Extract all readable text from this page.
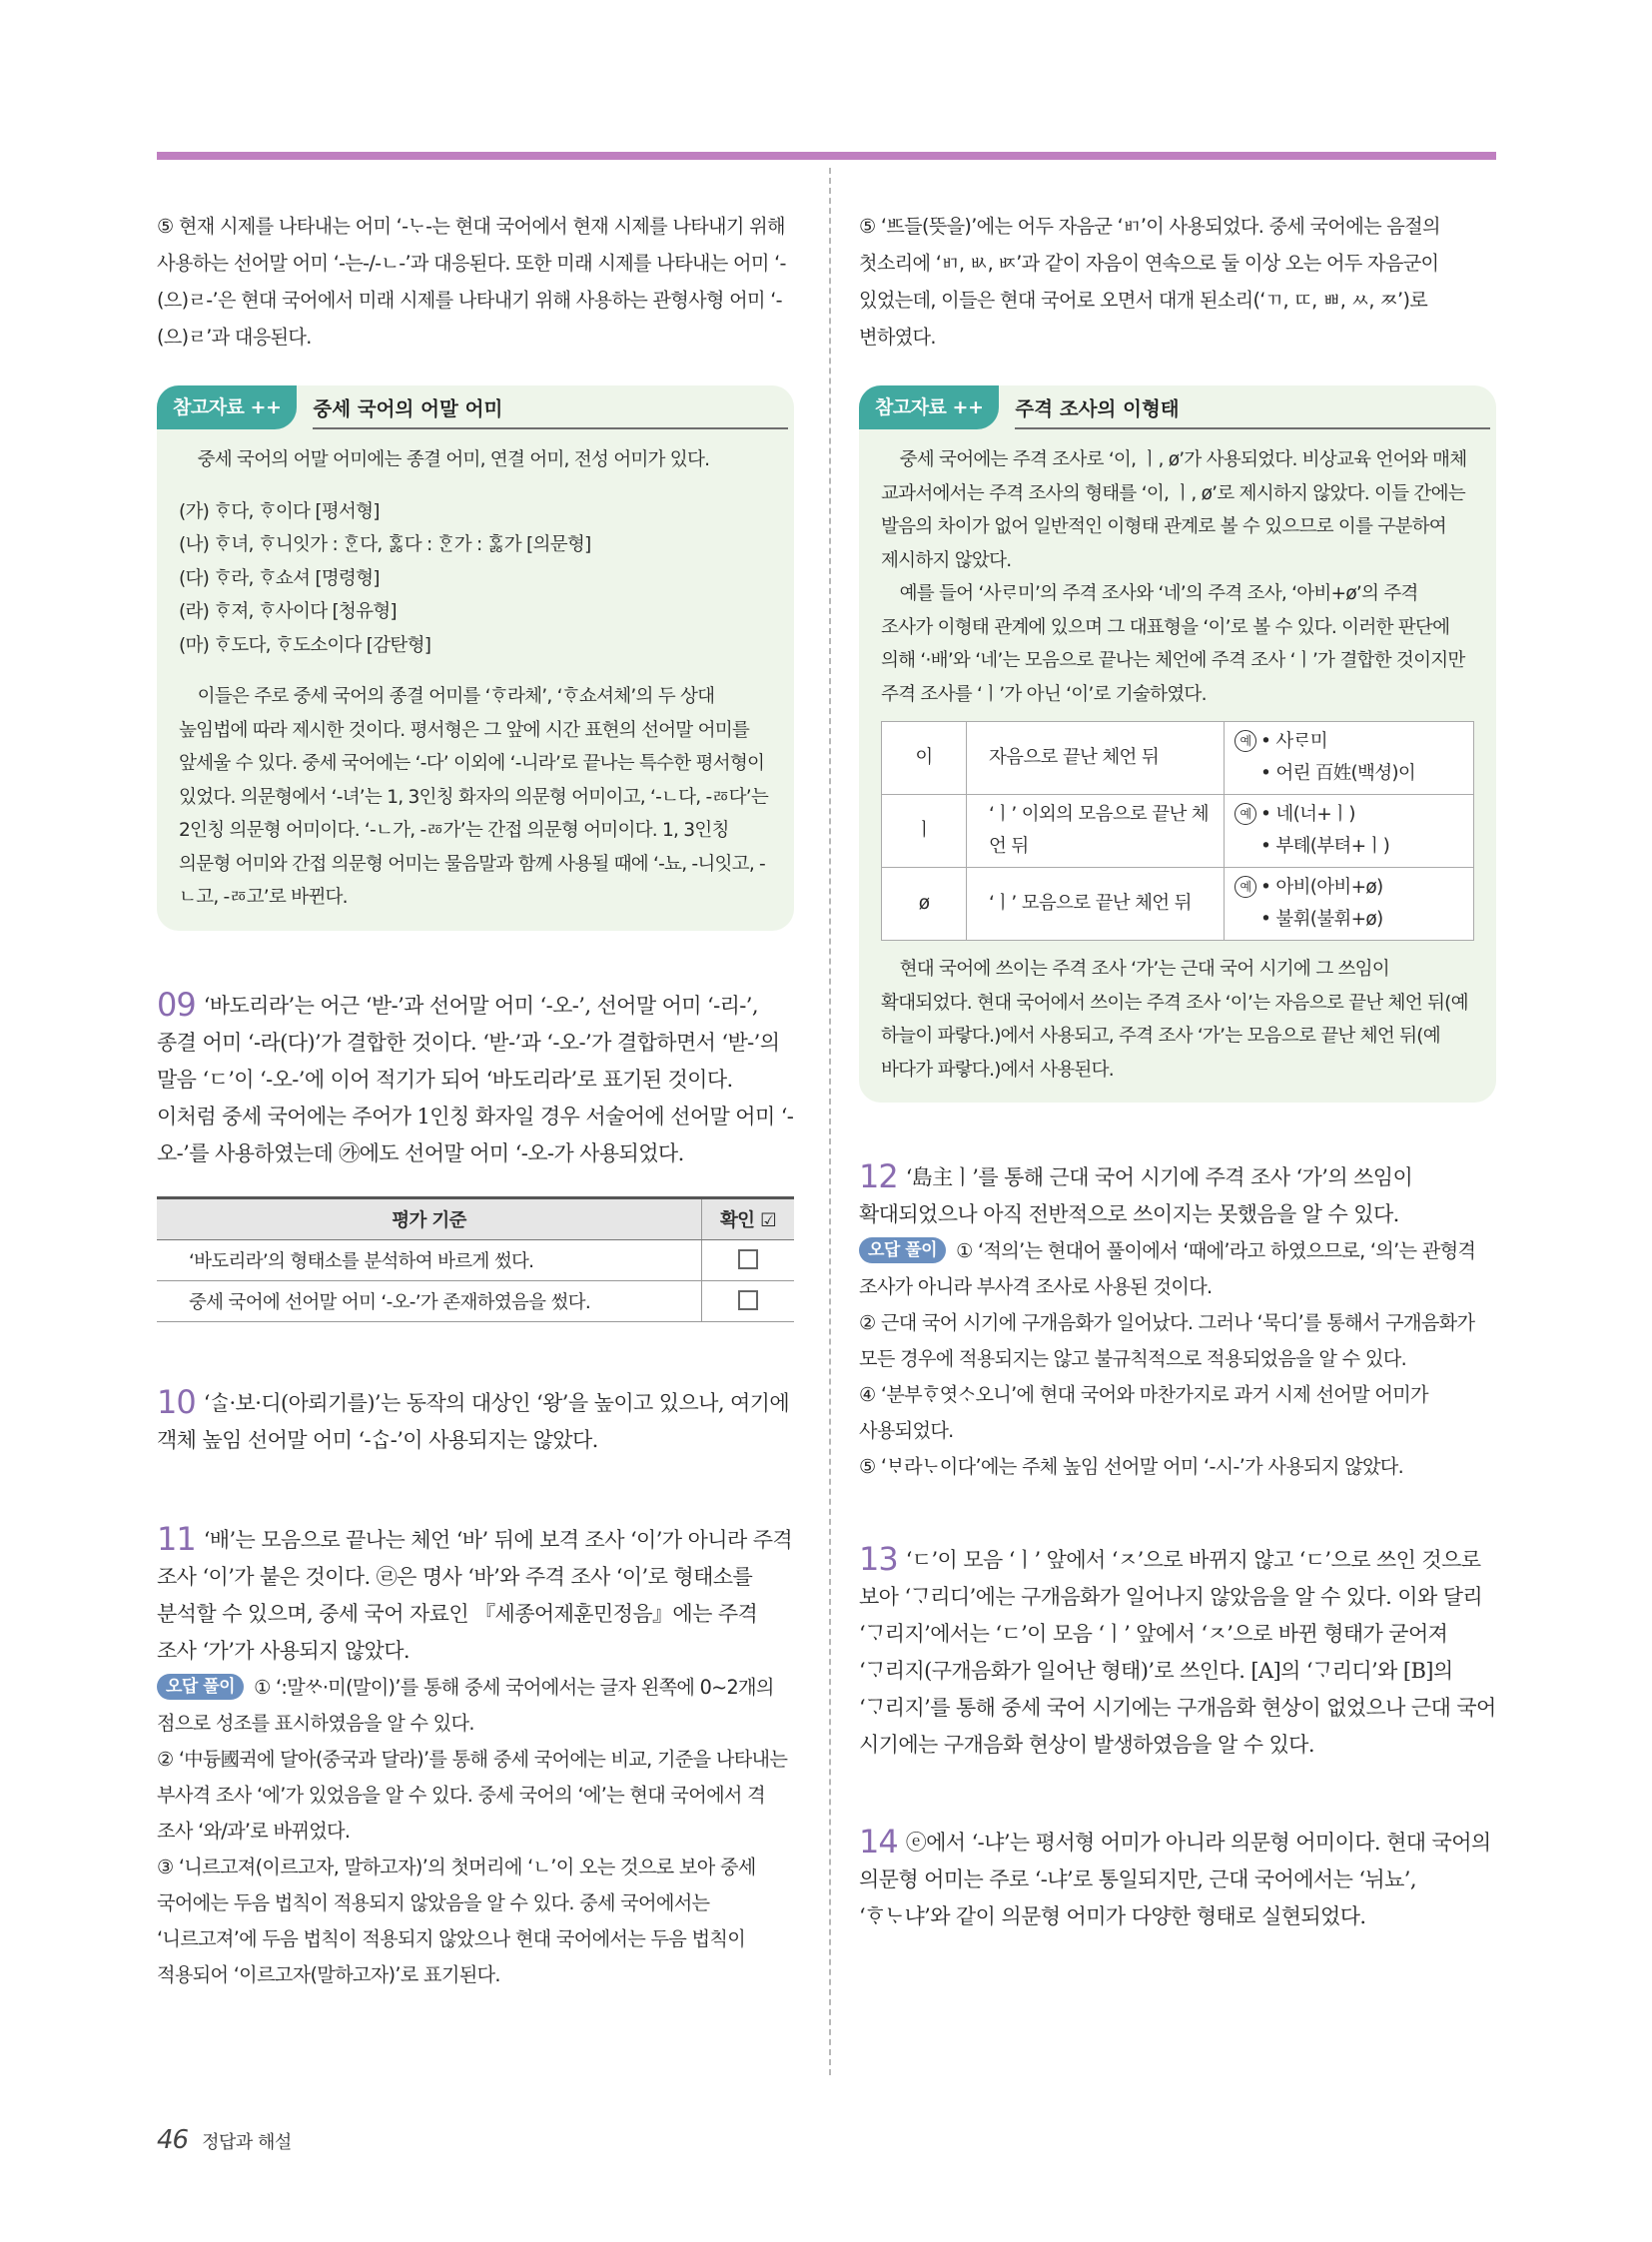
⑤ 현재 시제를 나타내는 어미 ‘-ᄂᆞ-는 현대 국어에서 현재 시제를 나타내기 위해 사용하는 선어말 어미 ‘-는-/-ㄴ-’과 대응된다. 또한 미래 시제를 나타내는 어미 ‘-(으)ㄹ-’은 현대 국어에서 미래 시제를 나타내기 위해 사용하는 관형사형 어미 ‘-(으)ㄹ’과 대응된다.

참고자료 ++	중세 국어의 어말 어미

중세 국어의 어말 어미에는 종결 어미, 연결 어미, 전성 어미가 있다.

(가) ᄒᆞ다, ᄒᆞ이다 [평서형]

(나) ᄒᆞ녀, ᄒᆞ니잇가 : ᄒᆞᆫ다, ᄒᆞᇙ다 : ᄒᆞᆫ가 : ᄒᆞᇙ가 [의문형]

(다) ᄒᆞ라, ᄒᆞ쇼셔 [명령형]

(라) ᄒᆞ져, ᄒᆞ사이다 [청유형]

(마) ᄒᆞ도다, ᄒᆞ도소이다 [감탄형]

이들은 주로 중세 국어의 종결 어미를 ‘ᄒᆞ라체’, ‘ᄒᆞ쇼셔체’의 두 상대 높임법에 따라 제시한 것이다. 평서형은 그 앞에 시간 표현의 선어말 어미를 앞세울 수 있다. 중세 국어에는 ‘-다’ 이외에 ‘-니라’로 끝나는 특수한 평서형이 있었다. 의문형에서 ‘-녀’는 1, 3인칭 화자의 의문형 어미이고, ‘-ㄴ다, -ㅭ다’는 2인칭 의문형 어미이다. ‘-ㄴ가, -ㅭ가’는 간접 의문형 어미이다. 1, 3인칭 의문형 어미와 간접 의문형 어미는 물음말과 함께 사용될 때에 ‘-뇨, -니잇고, -ㄴ고, -ㅭ고’로 바뀐다.

09 ‘바도리라’는 어근 ‘받-’과 선어말 어미 ‘-오-’, 선어말 어미 ‘-리-’, 종결 어미 ‘-라(다)’가 결합한 것이다. ‘받-’과 ‘-오-’가 결합하면서 ‘받-’의 말음 ‘ㄷ’이 ‘-오-’에 이어 적기가 되어 ‘바도리라’로 표기된 것이다. 이처럼 중세 국어에는 주어가 1인칭 화자일 경우 서술어에 선어말 어미 ‘-오-’를 사용하였는데 ㉮에도 선어말 어미 ‘-오-가 사용되었다.

평가 기준	확인 ☑
‘바도리라’의 형태소를 분석하여 바르게 썼다.	
중세 국어에 선어말 어미 ‘-오-’가 존재하였음을 썼다.	

10 ‘ᄉᆞᆯ·보·디(아뢰기를)’는 동작의 대상인 ‘왕’을 높이고 있으나, 여기에 객체 높임 선어말 어미 ‘-ᄉᆞᆸ-’이 사용되지는 않았다.

11 ‘배’는 모음으로 끝나는 체언 ‘바’ 뒤에 보격 조사 ‘이’가 아니라 주격 조사 ‘이’가 붙은 것이다. ㉣은 명사 ‘바’와 주격 조사 ‘이’로 형태소를 분석할 수 있으며, 중세 국어 자료인 『세종어제훈민정음』에는 주격 조사 ‘가’가 사용되지 않았다.

오답 풀이 ① ‘:말ᄊᆞ·미(말이)’를 통해 중세 국어에서는 글자 왼쪽에 0~2개의 점으로 성조를 표시하였음을 알 수 있다.

② ‘中듕國귁에 달아(중국과 달라)’를 통해 중세 국어에는 비교, 기준을 나타내는 부사격 조사 ‘에’가 있었음을 알 수 있다. 중세 국어의 ‘에’는 현대 국어에서 격 조사 ‘와/과’로 바뀌었다.

③ ‘니르고져(이르고자, 말하고자)’의 첫머리에 ‘ㄴ’이 오는 것으로 보아 중세 국어에는 두음 법칙이 적용되지 않았음을 알 수 있다. 중세 국어에서는 ‘니르고져’에 두음 법칙이 적용되지 않았으나 현대 국어에서는 두음 법칙이 적용되어 ‘이르고자(말하고자)’로 표기된다.

⑤ ‘ᄠᅳ들(뜻을)’에는 어두 자음군 ‘ㅲ’이 사용되었다. 중세 국어에는 음절의 첫소리에 ‘ㅲ, ㅄ, ㅶ’과 같이 자음이 연속으로 둘 이상 오는 어두 자음군이 있었는데, 이들은 현대 국어로 오면서 대개 된소리(‘ㄲ, ㄸ, ㅃ, ㅆ, ㅉ’)로 변하였다.

참고자료 ++	주격 조사의 이형태

중세 국어에는 주격 조사로 ‘이, ㅣ, ø’가 사용되었다. 비상교육 언어와 매체 교과서에서는 주격 조사의 형태를 ‘이, ㅣ, ø’로 제시하지 않았다. 이들 간에는 발음의 차이가 없어 일반적인 이형태 관계로 볼 수 있으므로 이를 구분하여 제시하지 않았다.

예를 들어 ‘사ᄅᆞ미’의 주격 조사와 ‘네’의 주격 조사, ‘아비+ø’의 주격 조사가 이형태 관계에 있으며 그 대표형을 ‘이’로 볼 수 있다. 이러한 판단에 의해 ‘·배’와 ‘네’는 모음으로 끝나는 체언에 주격 조사 ‘ㅣ’가 결합한 것이지만 주격 조사를 ‘ㅣ’가 아닌 ‘이’로 기술하였다.

이	자음으로 끝난 체언 뒤	예 • 사ᄅᆞ미
• 어린 百姓(백셩)이
ㅣ	‘ㅣ’ 이외의 모음으로 끝난 체언 뒤	예 • 네(너+ㅣ)
• 부톄(부텨+ㅣ)
ø	‘ㅣ’ 모음으로 끝난 체언 뒤	예 • 아비(아비+ø)
• 불휘(불휘+ø)

현대 국어에 쓰이는 주격 조사 ‘가’는 근대 국어 시기에 그 쓰임이 확대되었다. 현대 국어에서 쓰이는 주격 조사 ‘이’는 자음으로 끝난 체언 뒤(예 하늘이 파랗다.)에서 사용되고, 주격 조사 ‘가’는 모음으로 끝난 체언 뒤(예 바다가 파랗다.)에서 사용된다.

12 ‘島主ㅣ’를 통해 근대 국어 시기에 주격 조사 ‘가’의 쓰임이 확대되었으나 아직 전반적으로 쓰이지는 못했음을 알 수 있다.

오답 풀이 ① ‘적의’는 현대어 풀이에서 ‘때에’라고 하였으므로, ‘의’는 관형격 조사가 아니라 부사격 조사로 사용된 것이다.

② 근대 국어 시기에 구개음화가 일어났다. 그러나 ‘묵디’를 통해서 구개음화가 모든 경우에 적용되지는 않고 불규칙적으로 적용되었음을 알 수 있다.

④ ‘분부ᄒᆞ엿ᄉᆞ오니’에 현대 국어와 마찬가지로 과거 시제 선어말 어미가 사용되었다.

⑤ ‘ᄇᆞ라ᄂᆞ이다’에는 주체 높임 선어말 어미 ‘-시-’가 사용되지 않았다.

13 ‘ㄷ’이 모음 ‘ㅣ’ 앞에서 ‘ㅈ’으로 바뀌지 않고 ‘ㄷ’으로 쓰인 것으로 보아 ‘ᄀᆞ리디’에는 구개음화가 일어나지 않았음을 알 수 있다. 이와 달리 ‘ᄀᆞ리지’에서는 ‘ㄷ’이 모음 ‘ㅣ’ 앞에서 ‘ㅈ’으로 바뀐 형태가 굳어져 ‘ᄀᆞ리지(구개음화가 일어난 형태)’로 쓰인다. [A]의 ‘ᄀᆞ리디’와 [B]의 ‘ᄀᆞ리지’를 통해 중세 국어 시기에는 구개음화 현상이 없었으나 근대 국어 시기에는 구개음화 현상이 발생하였음을 알 수 있다.

14 ⓔ에서 ‘-냐’는 평서형 어미가 아니라 의문형 어미이다. 현대 국어의 의문형 어미는 주로 ‘-냐’로 통일되지만, 근대 국어에서는 ‘뉘뇨’, ‘ᄒᆞᄂᆞ냐’와 같이 의문형 어미가 다양한 형태로 실현되었다.

46 정답과 해설
